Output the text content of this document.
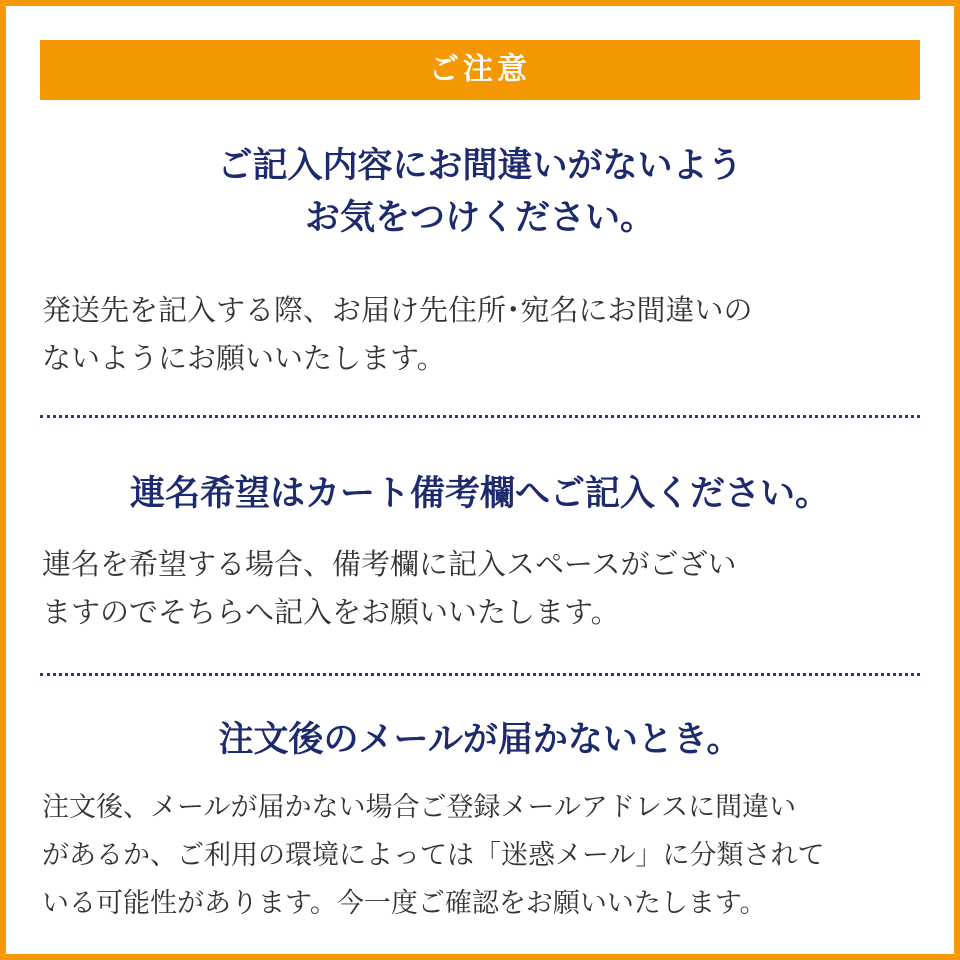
ご注意
ご記入内容にお間違いがないよう
お気をつけください。
発送先を記入する際、お届け先住所･宛名にお間違いの
ないようにお願いいたします。
連名希望はカート備考欄へご記入ください。
連名を希望する場合、備考欄に記入スペースがござい
ますのでそちらへ記入をお願いいたします。
注文後のメールが届かないとき。
注文後、メールが届かない場合ご登録メールアドレスに間違い
があるか、ご利用の環境によっては「迷惑メール」に分類されて
いる可能性があります。今一度ご確認をお願いいたします。
